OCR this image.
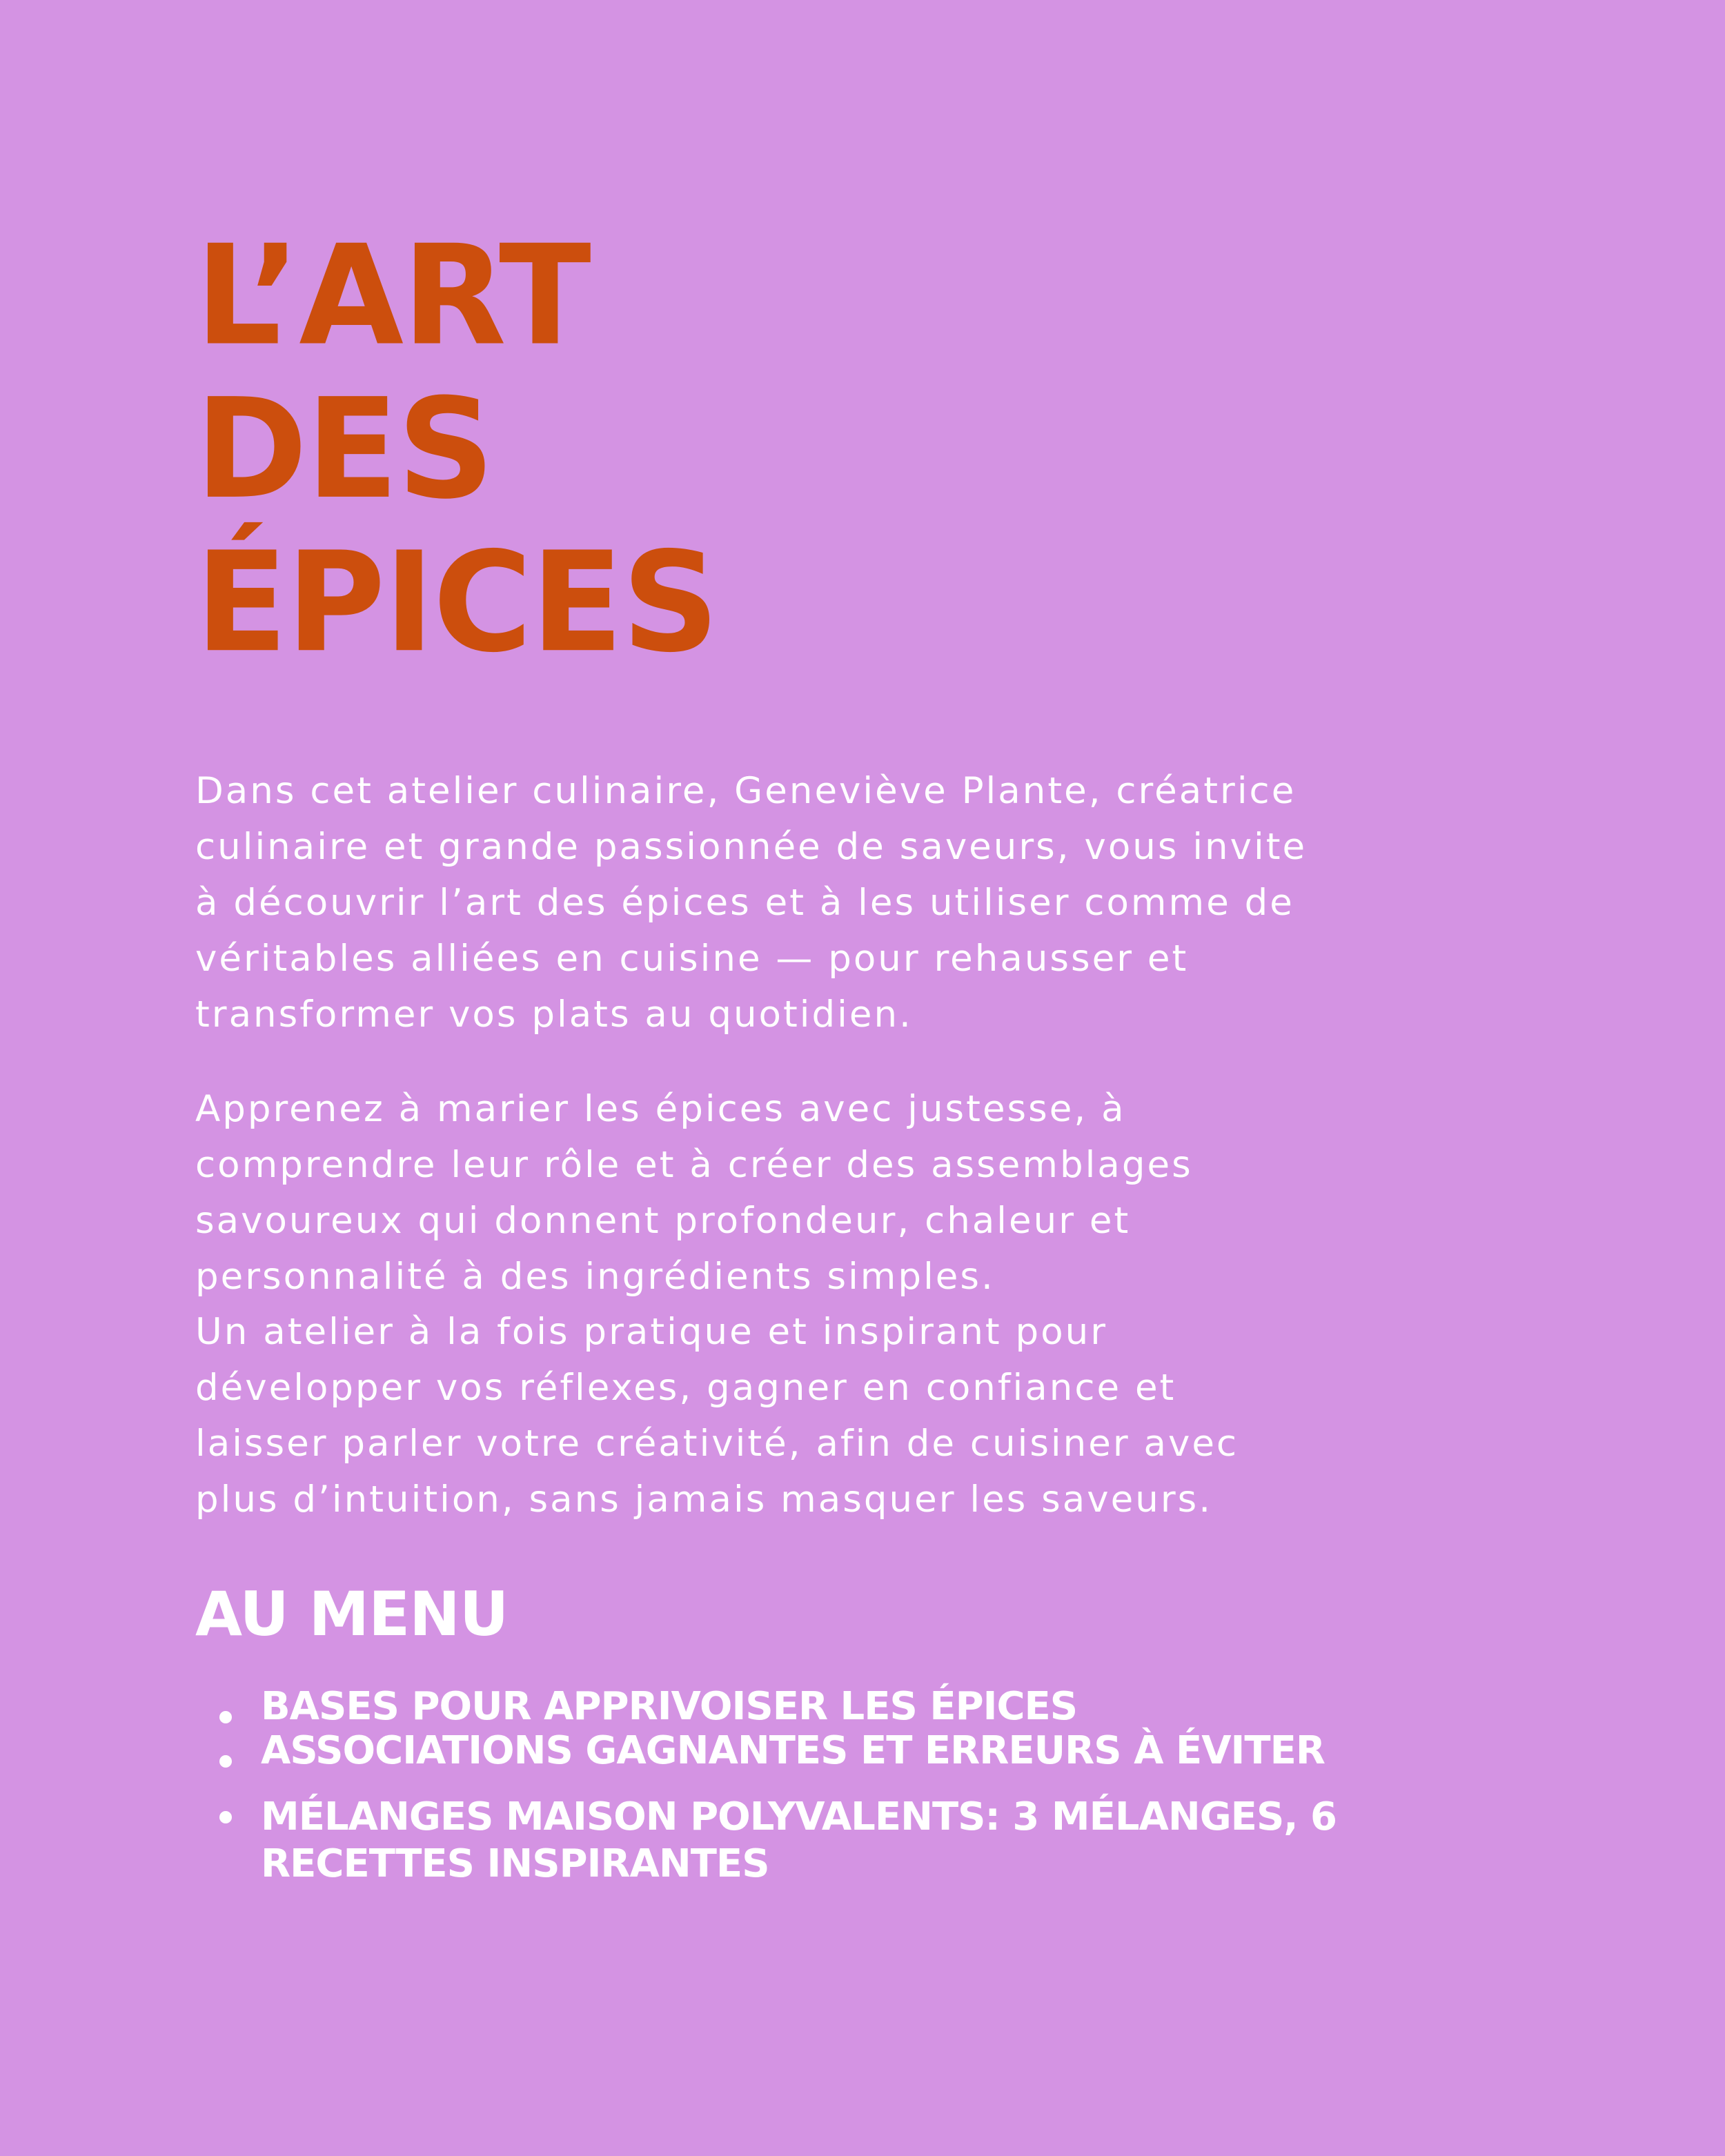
L’ART
DES
ÉPICES

Dans cet atelier culinaire, Geneviève Plante, créatrice
culinaire et grande passionnée de saveurs, vous invite
à découvrir l’art des épices et à les utiliser comme de
véritables alliées en cuisine — pour rehausser et
transformer vos plats au quotidien.

Apprenez à marier les épices avec justesse, à
comprendre leur rôle et à créer des assemblages
savoureux qui donnent profondeur, chaleur et
personnalité à des ingrédients simples.

Un atelier à la fois pratique et inspirant pour
développer vos réflexes, gagner en confiance et
laisser parler votre créativité, afin de cuisiner avec
plus d’intuition, sans jamais masquer les saveurs.

AU MENU
BASES POUR APPRIVOISER LES ÉPICES
ASSOCIATIONS GAGNANTES ET ERREURS À ÉVITER
MÉLANGES MAISON POLYVALENTS: 3 MÉLANGES, 6
RECETTES INSPIRANTES
